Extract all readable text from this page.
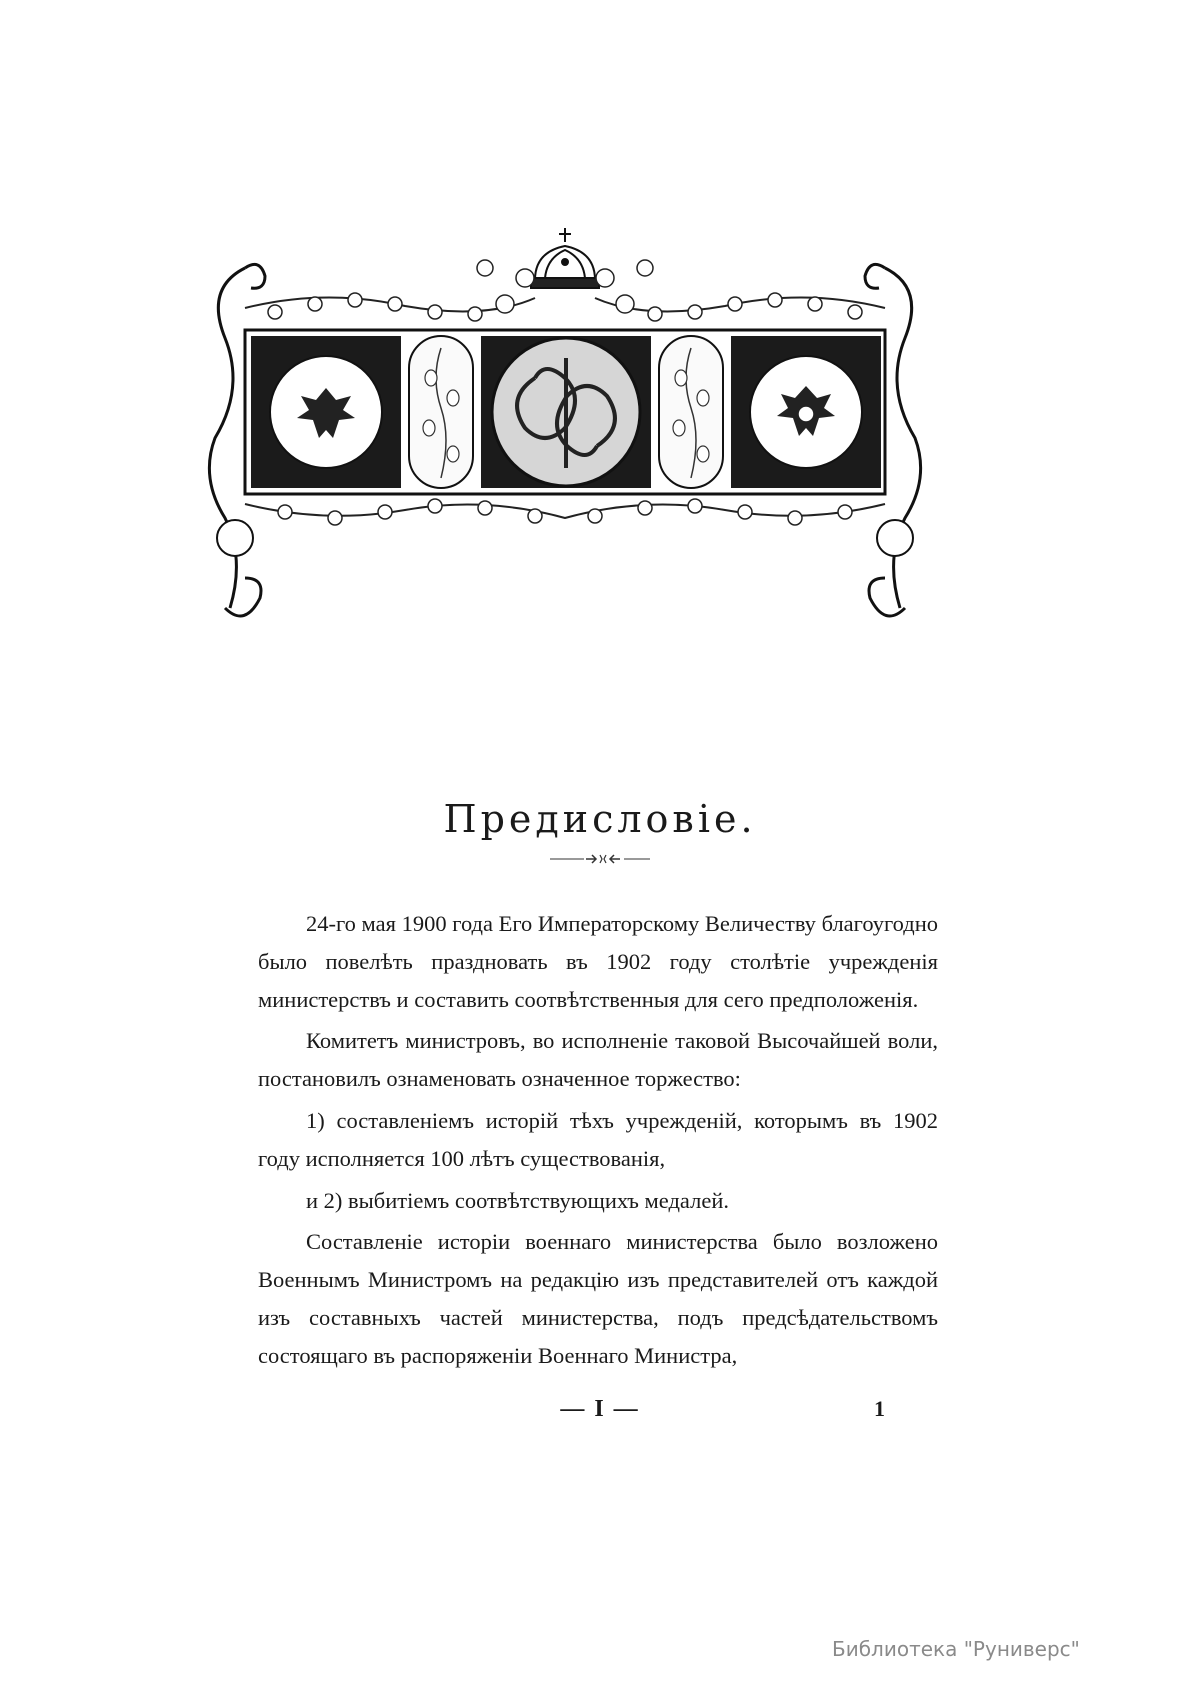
Предисловіе.

24-го мая 1900 года Его Императорскому Величеству благоугодно было повелѣть праздновать въ 1902 году столѣтіе учрежденія министерствъ и составить соотвѣтственныя для сего предположенія.

Комитетъ министровъ, во исполненіе таковой Высочайшей воли, постановилъ ознаменовать означенное торжество:

1) составленіемъ исторій тѣхъ учрежденій, которымъ въ 1902 году исполняется 100 лѣтъ существованія,

и 2) выбитіемъ соотвѣтствующихъ медалей.

Составленіе исторіи военнаго министерства было возложено Военнымъ Министромъ на редакцію изъ представителей отъ каждой изъ составныхъ частей министерства, подъ предсѣдательствомъ состоящаго въ распоряженіи Военнаго Министра,

— I —	1
Библиотека "Руниверс"
